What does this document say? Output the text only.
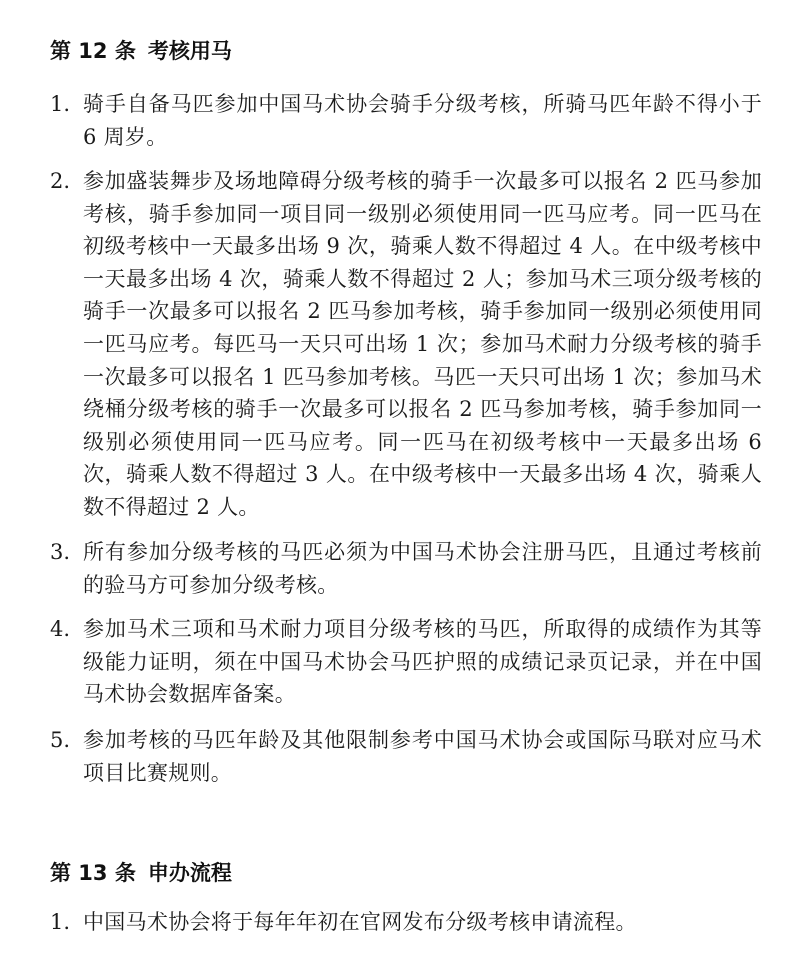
第 12 条 考核用马
1. 骑手自备马匹参加中国马术协会骑手分级考核，所骑马匹年龄不得小于 6 周岁。
2. 参加盛装舞步及场地障碍分级考核的骑手一次最多可以报名 2 匹马参加考核，骑手参加同一项目同一级别必须使用同一匹马应考。同一匹马在初级考核中一天最多出场 9 次，骑乘人数不得超过 4 人。在中级考核中一天最多出场 4 次，骑乘人数不得超过 2 人；参加马术三项分级考核的骑手一次最多可以报名 2 匹马参加考核，骑手参加同一级别必须使用同一匹马应考。每匹马一天只可出场 1 次；参加马术耐力分级考核的骑手一次最多可以报名 1 匹马参加考核。马匹一天只可出场 1 次；参加马术绕桶分级考核的骑手一次最多可以报名 2 匹马参加考核，骑手参加同一级别必须使用同一匹马应考。同一匹马在初级考核中一天最多出场 6 次，骑乘人数不得超过 3 人。在中级考核中一天最多出场 4 次，骑乘人数不得超过 2 人。
3. 所有参加分级考核的马匹必须为中国马术协会注册马匹，且通过考核前的验马方可参加分级考核。
4. 参加马术三项和马术耐力项目分级考核的马匹，所取得的成绩作为其等级能力证明，须在中国马术协会马匹护照的成绩记录页记录，并在中国马术协会数据库备案。
5. 参加考核的马匹年龄及其他限制参考中国马术协会或国际马联对应马术项目比赛规则。
第 13 条 申办流程
1. 中国马术协会将于每年年初在官网发布分级考核申请流程。
